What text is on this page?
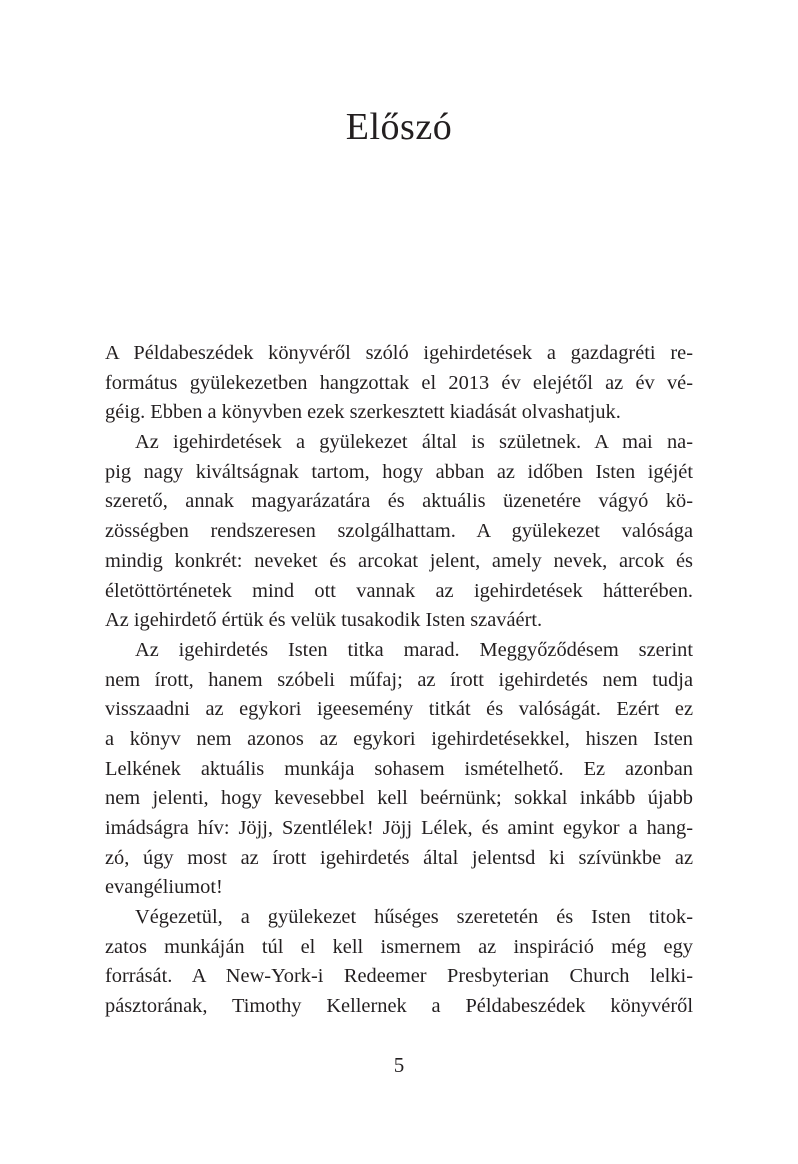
Előszó
A Példabeszédek könyvéről szóló igehirdetések a gazdagréti re-
formátus gyülekezetben hangzottak el 2013 év elejétől az év vé-
géig. Ebben a könyvben ezek szerkesztett kiadását olvashatjuk.
Az igehirdetések a gyülekezet által is születnek. A mai na-
pig nagy kiváltságnak tartom, hogy abban az időben Isten igéjét
szerető, annak magyarázatára és aktuális üzenetére vágyó kö-
zösségben rendszeresen szolgálhattam. A gyülekezet valósága
mindig konkrét: neveket és arcokat jelent, amely nevek, arcok és
életöttörténetek mind ott vannak az igehirdetések hátterében.
Az igehirdető értük és velük tusakodik Isten szaváért.
Az igehirdetés Isten titka marad. Meggyőződésem szerint
nem írott, hanem szóbeli műfaj; az írott igehirdetés nem tudja
visszaadni az egykori igeesemény titkát és valóságát. Ezért ez
a könyv nem azonos az egykori igehirdetésekkel, hiszen Isten
Lelkének aktuális munkája sohasem ismételhető. Ez azonban
nem jelenti, hogy kevesebbel kell beérnünk; sokkal inkább újabb
imádságra hív: Jöjj, Szentlélek! Jöjj Lélek, és amint egykor a hang-
zó, úgy most az írott igehirdetés által jelentsd ki szívünkbe az
evangéliumot!
Végezetül, a gyülekezet hűséges szeretetén és Isten titok-
zatos munkáján túl el kell ismernem az inspiráció még egy
forrását. A New-York-i Redeemer Presbyterian Church lelki-
pásztorának, Timothy Kellernek a Példabeszédek könyvéről
5
